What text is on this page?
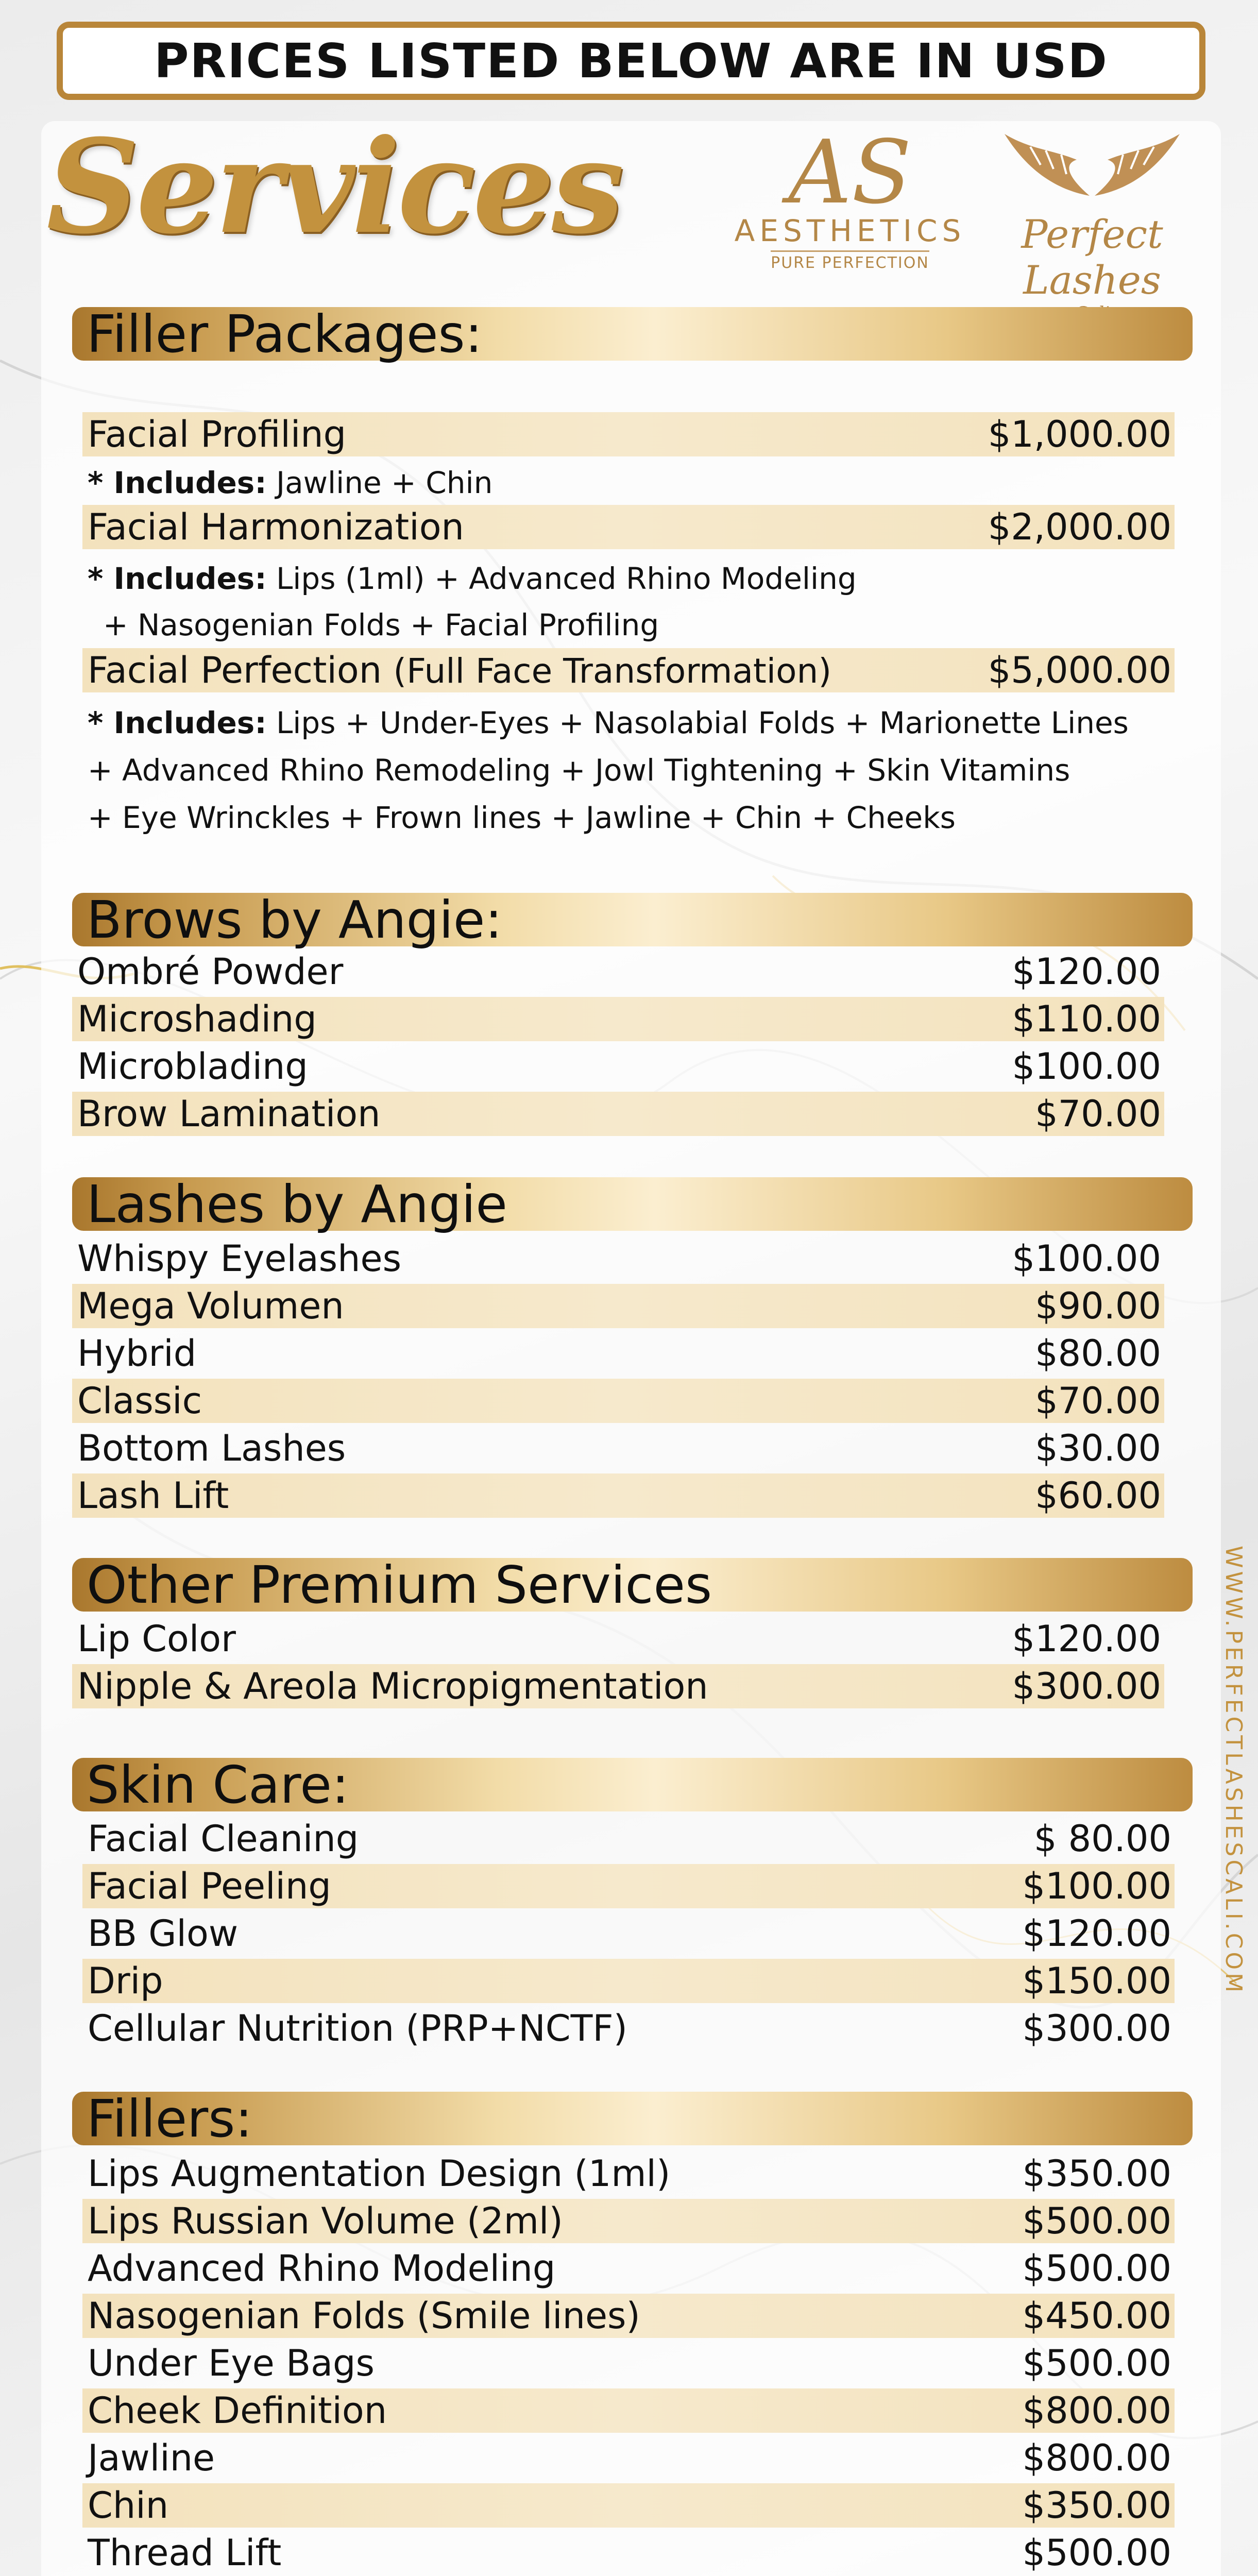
PRICES LISTED BELOW ARE IN USD
Services	AS
AESTHETICS
PURE PERFECTION
Perfect Lashes
Filler Packages:
Facial Profiling	$1,000.00
* Includes:
Jawline + Chin
Facial Harmonization	$2,000.00
* Includes:
Lips (1ml) + Advanced Rhino Modeling
+ Nasogenian Folds + Facial Profiling
Facial Perfection (Full Face Transformation)	$5,000.00
* Includes:
Lips + Under-Eyes + Nasolabial Folds + Marionette Lines
+ Advanced Rhino Remodeling + Jowl Tightening + Skin Vitamins
+ Eye Wrinckles + Frown lines + Jawline + Chin + Cheeks
Brows by Angie:
Ombré Powder	$120.00
Microshading	$110.00
Microblading	$100.00
Brow Lamination	$70.00
Lashes by Angie
Whispy Eyelashes	$100.00
Mega Volumen	$90.00
Hybrid	$80.00
Classic	$70.00
Bottom Lashes	$30.00
Lash Lift	$60.00
Other Premium Services
Lip Color	$120.00
Nipple & Areola Micropigmentation	$300.00
Skin Care:
Facial Cleaning	$ 80.00
Facial Peeling	$100.00
BB Glow	$120.00
Drip	$150.00
Cellular Nutrition (PRP+NCTF)	$300.00
Fillers:
Lips Augmentation Design (1ml)	$350.00
Lips Russian Volume (2ml)	$500.00
Advanced Rhino Modeling	$500.00
Nasogenian Folds (Smile lines)	$450.00
Under Eye Bags	$500.00
Cheek Definition	$800.00
Jawline	$800.00
Chin	$350.00
Thread Lift	$500.00
WWW.PERFECTLASHESCALI.COM
